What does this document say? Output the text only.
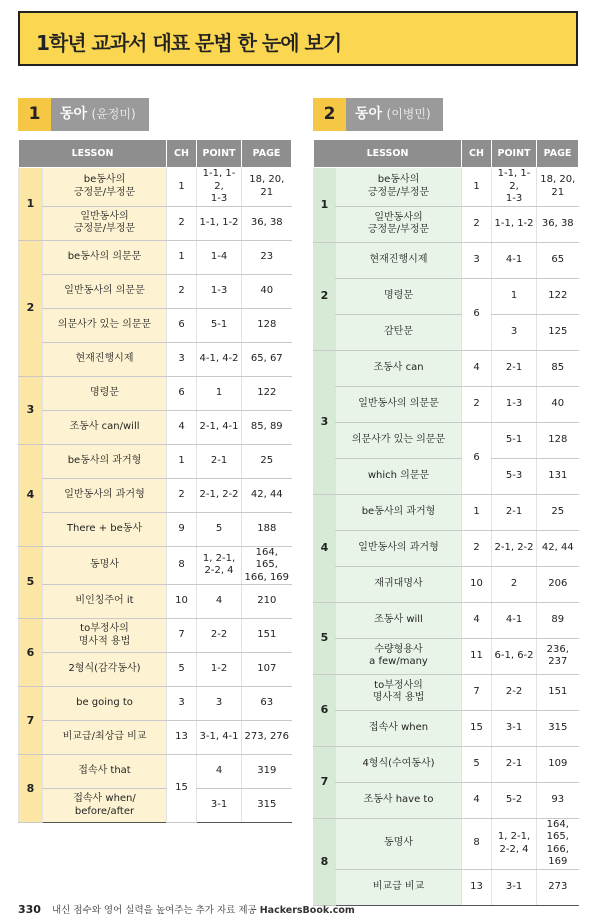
1학년 교과서 대표 문법 한 눈에 보기
1	동아 (윤정미)
LESSON		CH	POINT	PAGE
1	be동사의
긍정문/부정문	1	1-1, 1-2,
1-3	18, 20, 21
	일반동사의
긍정문/부정문	2	1-1, 1-2	36, 38
2	be동사의 의문문	1	1-4	23
	일반동사의 의문문	2	1-3	40
	의문사가 있는 의문문	6	5-1	128
	현재진행시제	3	4-1, 4-2	65, 67
3	명령문	6	1	122
	조동사 can/will	4	2-1, 4-1	85, 89
4	be동사의 과거형	1	2-1	25
	일반동사의 과거형	2	2-1, 2-2	42, 44
	There + be동사	9	5	188
5	동명사	8	1, 2-1,
2-2, 4	164, 165,
166, 169
	비인칭주어 it	10	4	210
6	to부정사의
명사적 용법	7	2-2	151
	2형식(감각동사)	5	1-2	107
7	be going to	3	3	63
	비교급/최상급 비교	13	3-1, 4-1	273, 276
8	접속사 that	15	4	319
	접속사 when/
before/after		3-1	315
2	동아 (이병민)
LESSON		CH	POINT	PAGE
1	be동사의
긍정문/부정문	1	1-1, 1-2,
1-3	18, 20, 21
	일반동사의
긍정문/부정문	2	1-1, 1-2	36, 38
2	현재진행시제	3	4-1	65
	명령문	6	1	122
	감탄문		3	125
3	조동사 can	4	2-1	85
	일반동사의 의문문	2	1-3	40
	의문사가 있는 의문문	6	5-1	128
	which 의문문		5-3	131
4	be동사의 과거형	1	2-1	25
	일반동사의 과거형	2	2-1, 2-2	42, 44
	재귀대명사	10	2	206
5	조동사 will	4	4-1	89
	수량형용사
a few/many	11	6-1, 6-2	236, 237
6	to부정사의
명사적 용법	7	2-2	151
	접속사 when	15	3-1	315
7	4형식(수여동사)	5	2-1	109
	조동사 have to	4	5-2	93
8	동명사	8	1, 2-1,
2-2, 4	164, 165,
166, 169
	비교급 비교	13	3-1	273
330 내신 점수와 영어 실력을 높여주는 추가 자료 제공 HackersBook.com
